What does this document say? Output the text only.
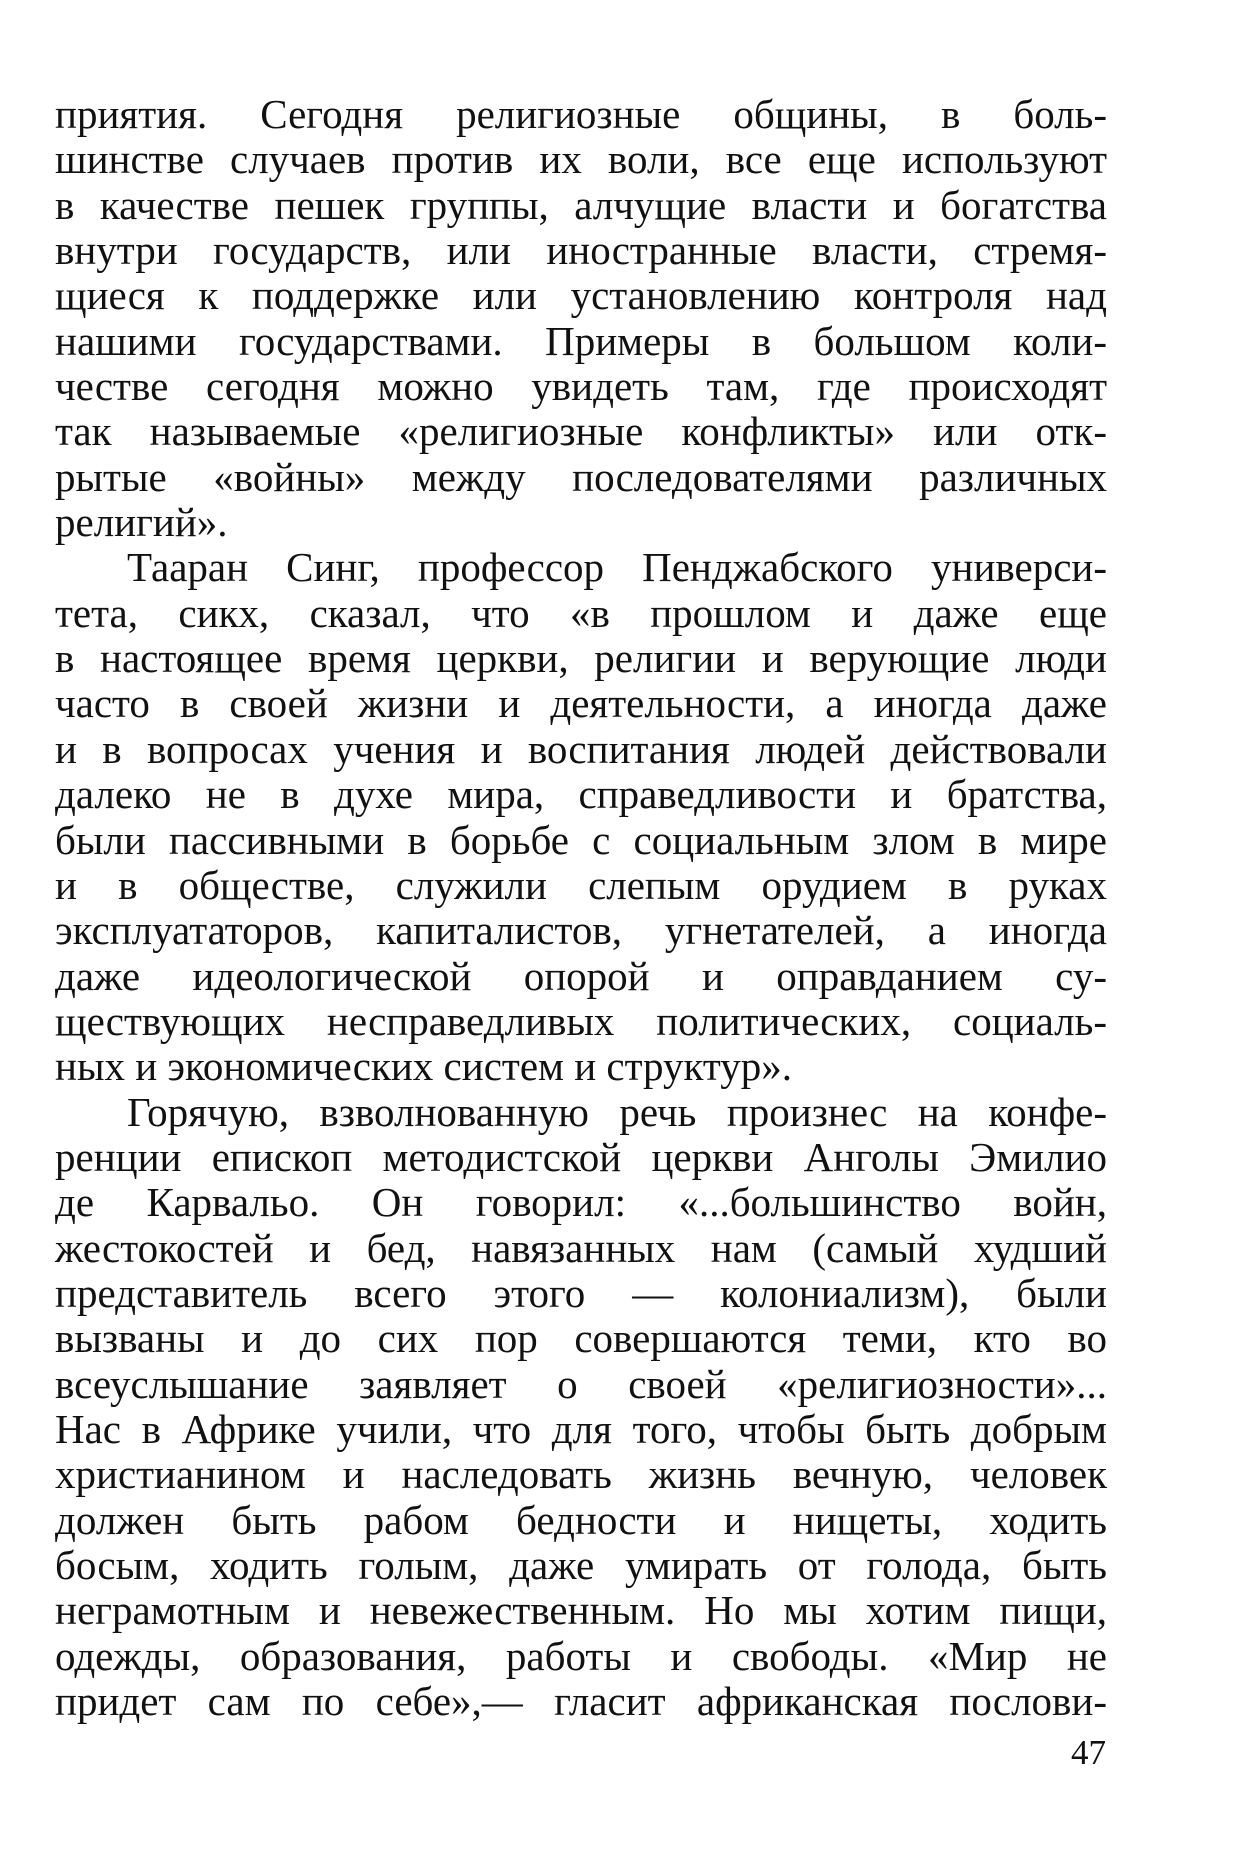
приятия. Сегодня религиозные общины, в боль-
шинстве случаев против их воли, все еще используют
в качестве пешек группы, алчущие власти и богатства
внутри государств, или иностранные власти, стремя-
щиеся к поддержке или установлению контроля над
нашими государствами. Примеры в большом коли-
честве сегодня можно увидеть там, где происходят
так называемые «религиозные конфликты» или отк-
рытые «войны» между последователями различных
религий».
Тааран Синг, профессор Пенджабского универси-
тета, сикх, сказал, что «в прошлом и даже еще
в настоящее время церкви, религии и верующие люди
часто в своей жизни и деятельности, а иногда даже
и в вопросах учения и воспитания людей действовали
далеко не в духе мира, справедливости и братства,
были пассивными в борьбе с социальным злом в мире
и в обществе, служили слепым орудием в руках
эксплуататоров, капиталистов, угнетателей, а иногда
даже идеологической опорой и оправданием су-
ществующих несправедливых политических, социаль-
ных и экономических систем и структур».
Горячую, взволнованную речь произнес на конфе-
ренции епископ методистской церкви Анголы Эмилио
де Карвальо. Он говорил: «...большинство войн,
жестокостей и бед, навязанных нам (самый худший
представитель всего этого — колониализм), были
вызваны и до сих пор совершаются теми, кто во
всеуслышание заявляет о своей «религиозности»...
Нас в Африке учили, что для того, чтобы быть добрым
христианином и наследовать жизнь вечную, человек
должен быть рабом бедности и нищеты, ходить
босым, ходить голым, даже умирать от голода, быть
неграмотным и невежественным. Но мы хотим пищи,
одежды, образования, работы и свободы. «Мир не
придет сам по себе»,— гласит африканская послови-
47
